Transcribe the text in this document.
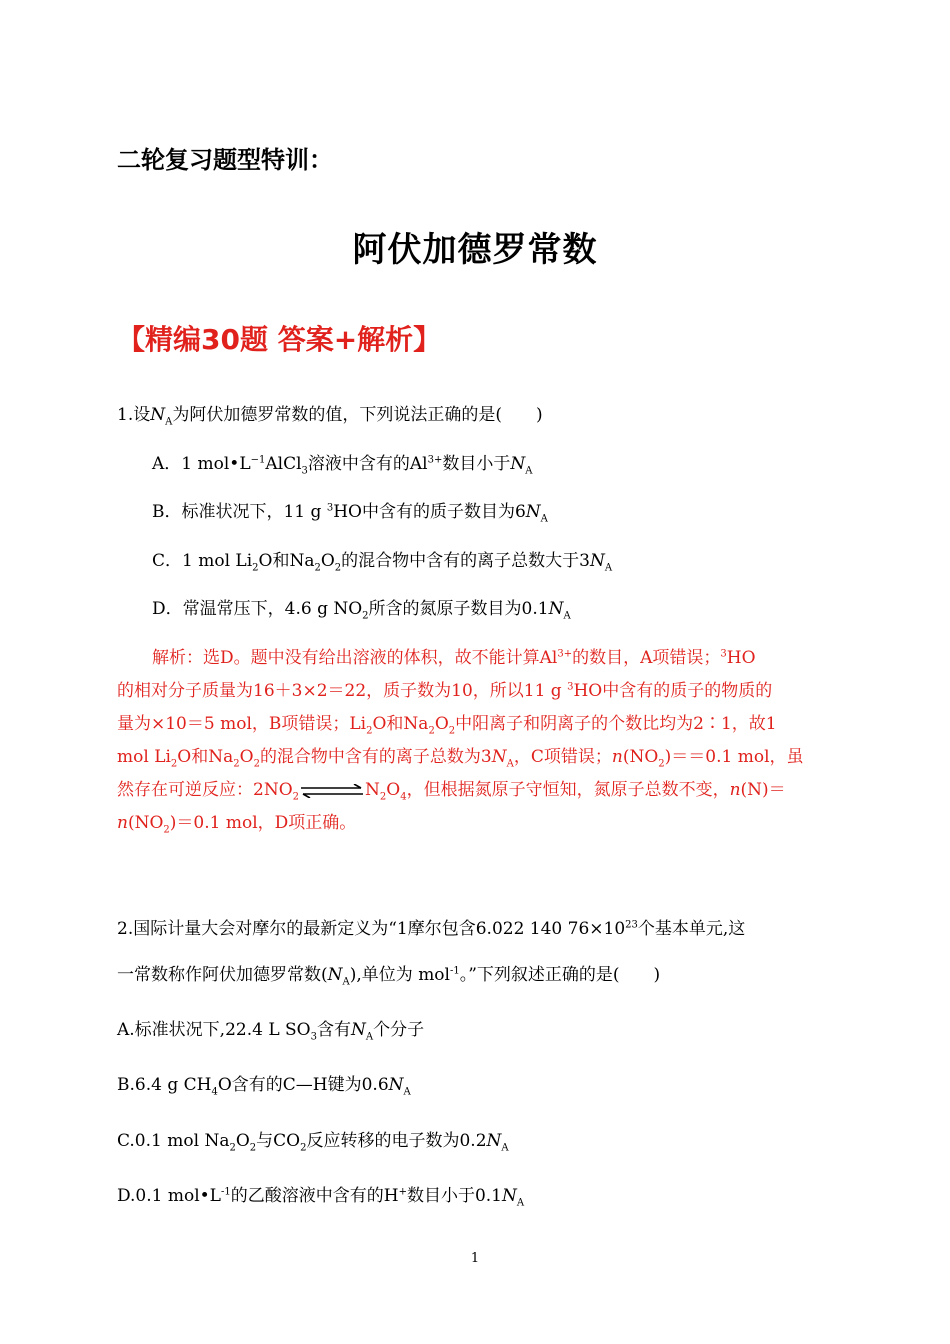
二轮复习题型特训：
阿伏加德罗常数
【精编30题 答案+解析】
1.设$N_A$为阿伏加德罗常数的值，下列说法正确的是(　　)
A．1 $mol•L^{-1}AlCl_3$溶液中含有的$Al^{3+}$数目小于$N_A$
B．标准状况下，11 g $^3$HO中含有的质子数目为$6N_A$
C．1 mol $Li_2O$和$Na_2O_2$的混合物中含有的离子总数大于$3N_A$
D．常温常压下，4.6 g $NO_2$所含的氮原子数目为$0.1N_A$
解析：选D。题中没有给出溶液的体积，故不能计算$Al^{3+}$的数目，A项错误；$^3$HO
的相对分子质量为16＋3×2＝22，质子数为10，所以11 g $^3$HO中含有的质子的物质的
量为×10＝5 mol，B项错误；$Li_2O$和$Na_2O_2$中阳离子和阴离子的个数比均为2∶1，故1
mol $Li_2O$和$Na_2O_2$的混合物中含有的离子总数为$3N_A$，C项错误；$n(NO_2)==0.1$ mol，虽
然存在可逆反应：$2NO_2\rightleftharpoons N_2O_4$，但根据氮原子守恒知，氮原子总数不变，n(N)＝
$n(NO_2)=0.1$ mol，D项正确。
2.国际计量大会对摩尔的最新定义为“1摩尔包含6.022 140 $76\times 10^{23}$个基本单元,这
一常数称作阿伏加德罗常数$(N_A)$,单位为 mol$^{-1}$。”下列叙述正确的是(　　)
A.标准状况下,22.4 L $SO_3$含有$N_A$个分子
B.6.4 g $CH_4O$含有的C—H键为$0.6N_A$
C.0.1 mol $Na_2O_2$与$CO_2$反应转移的电子数为$0.2N_A$
D.0.1 $mol•L^{-1}$的乙酸溶液中含有的H+数目小于$0.1N_A$
1
